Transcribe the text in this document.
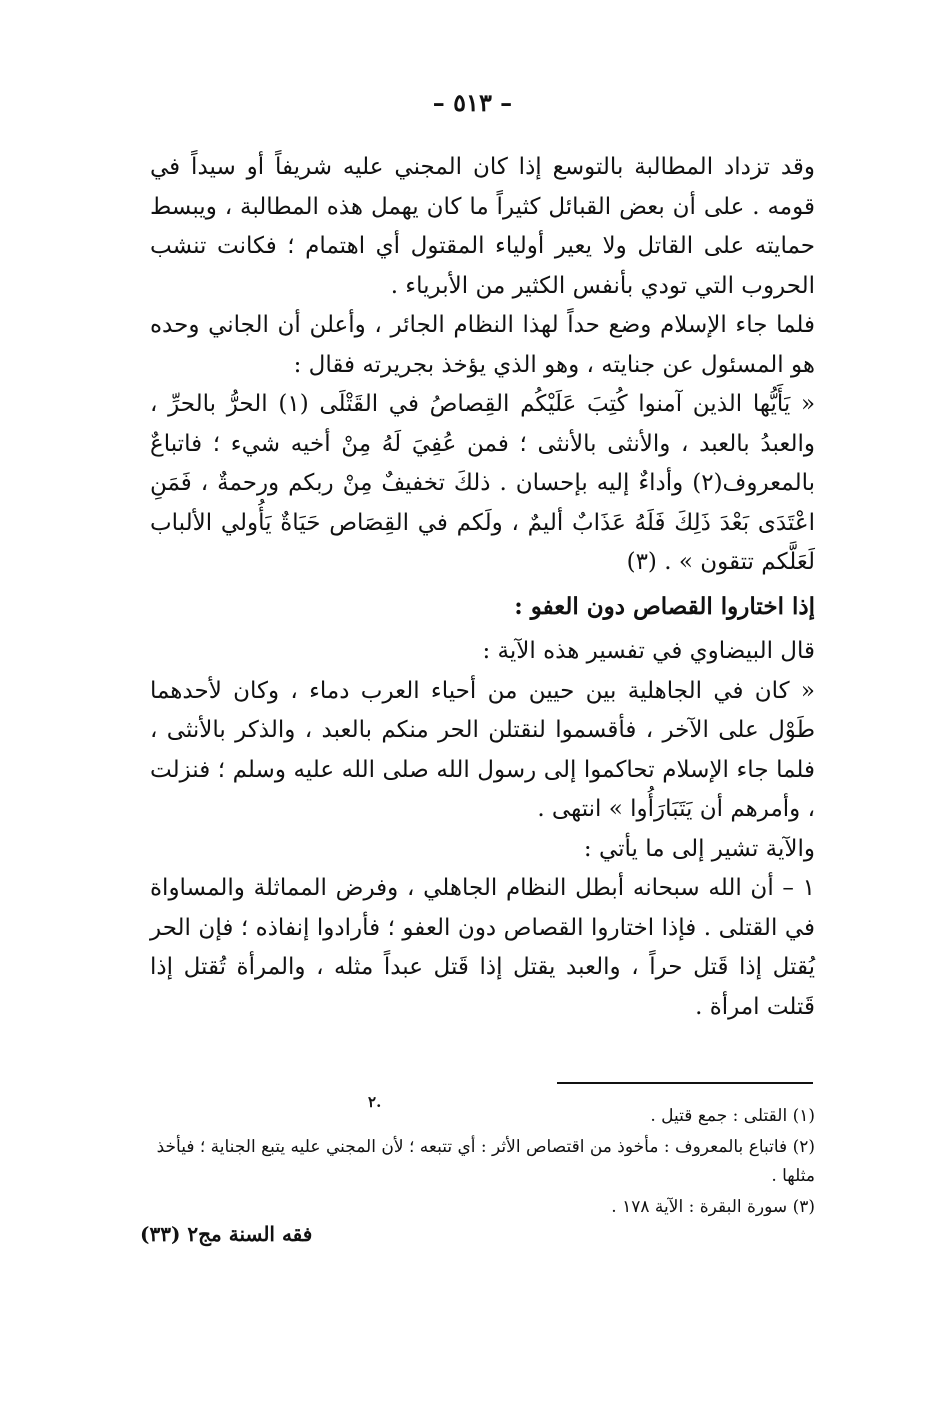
– ٥١٣ –

وقد تزداد المطالبة بالتوسع إذا كان المجني عليه شريفاً أو سيداً في قومه . على أن بعض القبائل كثيراً ما كان يهمل هذه المطالبة ، ويبسط حمايته على القاتل ولا يعير أولياء المقتول أي اهتمام ؛ فكانت تنشب الحروب التي تودي بأنفس الكثير من الأبرياء .

فلما جاء الإسلام وضع حداً لهذا النظام الجائر ، وأعلن أن الجاني وحده هو المسئول عن جنايته ، وهو الذي يؤخذ بجريرته فقال :

« يَأَيُّها الذين آمنوا كُتِبَ عَلَيْكُم القِصاصُ في القَتْلَى (١) الحرُّ بالحرِّ ، والعبدُ بالعبد ، والأنثى بالأنثى ؛ فمن عُفِيَ لَهُ مِنْ أخيه شيء ؛ فاتباعٌ بالمعروف(٢) وأداءٌ إليه بإحسان . ذلكَ تخفيفٌ مِنْ ربكم ورحمةٌ ، فَمَنِ اعْتَدَى بَعْدَ ذَلِكَ فَلَهُ عَذَابٌ أليمٌ ، ولَكم في القِصَاص حَيَاةٌ يَأُولي الألباب لَعَلَّكم تتقون » . (٣)

إذا اختاروا القصاص دون العفو :

قال البيضاوي في تفسير هذه الآية :

« كان في الجاهلية بين حيين من أحياء العرب دماء ، وكان لأحدهما طَوْل على الآخر ، فأقسموا لنقتلن الحر منكم بالعبد ، والذكر بالأنثى ، فلما جاء الإسلام تحاكموا إلى رسول الله صلى الله عليه وسلم ؛ فنزلت ، وأمرهم أن يَتَبَارَأُوا » انتهى .

والآية تشير إلى ما يأتي :

١ – أن الله سبحانه أبطل النظام الجاهلي ، وفرض المماثلة والمساواة في القتلى . فإذا اختاروا القصاص دون العفو ؛ فأرادوا إنفاذه ؛ فإن الحر يُقتل إذا قَتل حراً ، والعبد يقتل إذا قَتل عبداً مثله ، والمرأة تُقتل إذا قَتلت امرأة .

٢.

(١) القتلى : جمع قتيل .

(٢) فاتباع بالمعروف : مأخوذ من اقتصاص الأثر : أي تتبعه ؛ لأن المجني عليه يتبع الجناية ؛ فيأخذ مثلها .

(٣) سورة البقرة : الآية ١٧٨ .

فقه السنة مج٢ (٣٣)
